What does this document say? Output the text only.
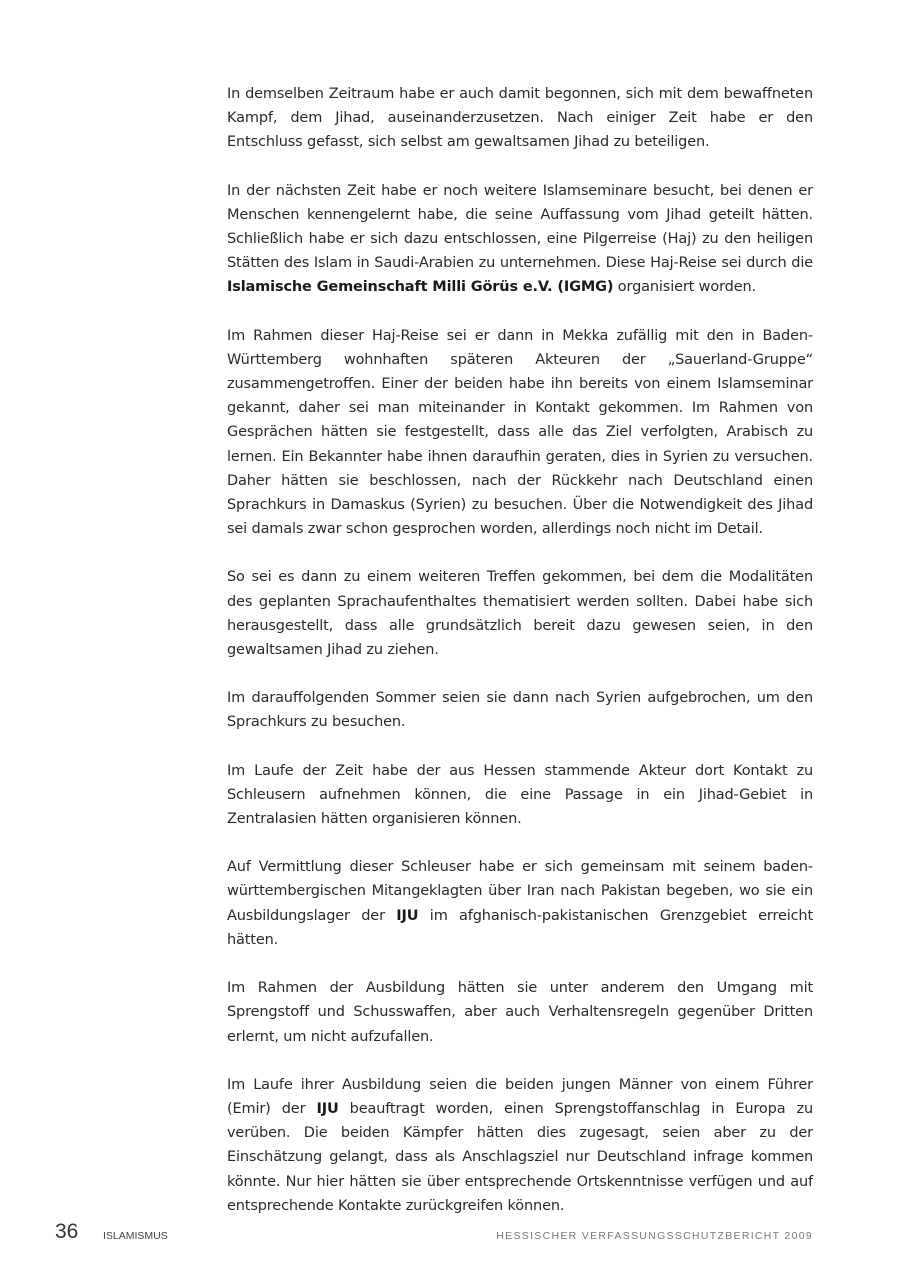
In demselben Zeitraum habe er auch damit begonnen, sich mit dem bewaffneten Kampf, dem Jihad, auseinanderzusetzen. Nach einiger Zeit habe er den Entschluss gefasst, sich selbst am gewaltsamen Jihad zu beteiligen.

In der nächsten Zeit habe er noch weitere Islamseminare besucht, bei denen er Menschen kennengelernt habe, die seine Auffassung vom Jihad geteilt hätten. Schließlich habe er sich dazu entschlossen, eine Pilgerreise (Haj) zu den heiligen Stätten des Islam in Saudi-Arabien zu unternehmen. Diese Haj-Reise sei durch die Islamische Gemeinschaft Milli Görüs e.V. (IGMG) organisiert worden.

Im Rahmen dieser Haj-Reise sei er dann in Mekka zufällig mit den in Baden-Württemberg wohnhaften späteren Akteuren der „Sauerland-Gruppe“ zusammengetroffen. Einer der beiden habe ihn bereits von einem Islamseminar gekannt, daher sei man miteinander in Kontakt gekommen. Im Rahmen von Gesprächen hätten sie festgestellt, dass alle das Ziel verfolgten, Arabisch zu lernen. Ein Bekannter habe ihnen daraufhin geraten, dies in Syrien zu versuchen. Daher hätten sie beschlossen, nach der Rückkehr nach Deutschland einen Sprachkurs in Damaskus (Syrien) zu besuchen. Über die Notwendigkeit des Jihad sei damals zwar schon gesprochen worden, allerdings noch nicht im Detail.

So sei es dann zu einem weiteren Treffen gekommen, bei dem die Modalitäten des geplanten Sprachaufenthaltes thematisiert werden sollten. Dabei habe sich herausgestellt, dass alle grundsätzlich bereit dazu gewesen seien, in den gewaltsamen Jihad zu ziehen.

Im darauffolgenden Sommer seien sie dann nach Syrien aufgebrochen, um den Sprachkurs zu besuchen.

Im Laufe der Zeit habe der aus Hessen stammende Akteur dort Kontakt zu Schleusern aufnehmen können, die eine Passage in ein Jihad-Gebiet in Zentralasien hätten organisieren können.

Auf Vermittlung dieser Schleuser habe er sich gemeinsam mit seinem baden-württembergischen Mitangeklagten über Iran nach Pakistan begeben, wo sie ein Ausbildungslager der IJU im afghanisch-pakistanischen Grenzgebiet erreicht hätten.

Im Rahmen der Ausbildung hätten sie unter anderem den Umgang mit Sprengstoff und Schusswaffen, aber auch Verhaltensregeln gegenüber Dritten erlernt, um nicht aufzufallen.

Im Laufe ihrer Ausbildung seien die beiden jungen Männer von einem Führer (Emir) der IJU beauftragt worden, einen Sprengstoffanschlag in Europa zu verüben. Die beiden Kämpfer hätten dies zugesagt, seien aber zu der Einschätzung gelangt, dass als Anschlagsziel nur Deutschland infrage kommen könnte. Nur hier hätten sie über entsprechende Ortskenntnisse verfügen und auf entsprechende Kontakte zurückgreifen können.

36 ISLAMISMUS	HESSISCHER VERFASSUNGSSCHUTZBERICHT 2009
